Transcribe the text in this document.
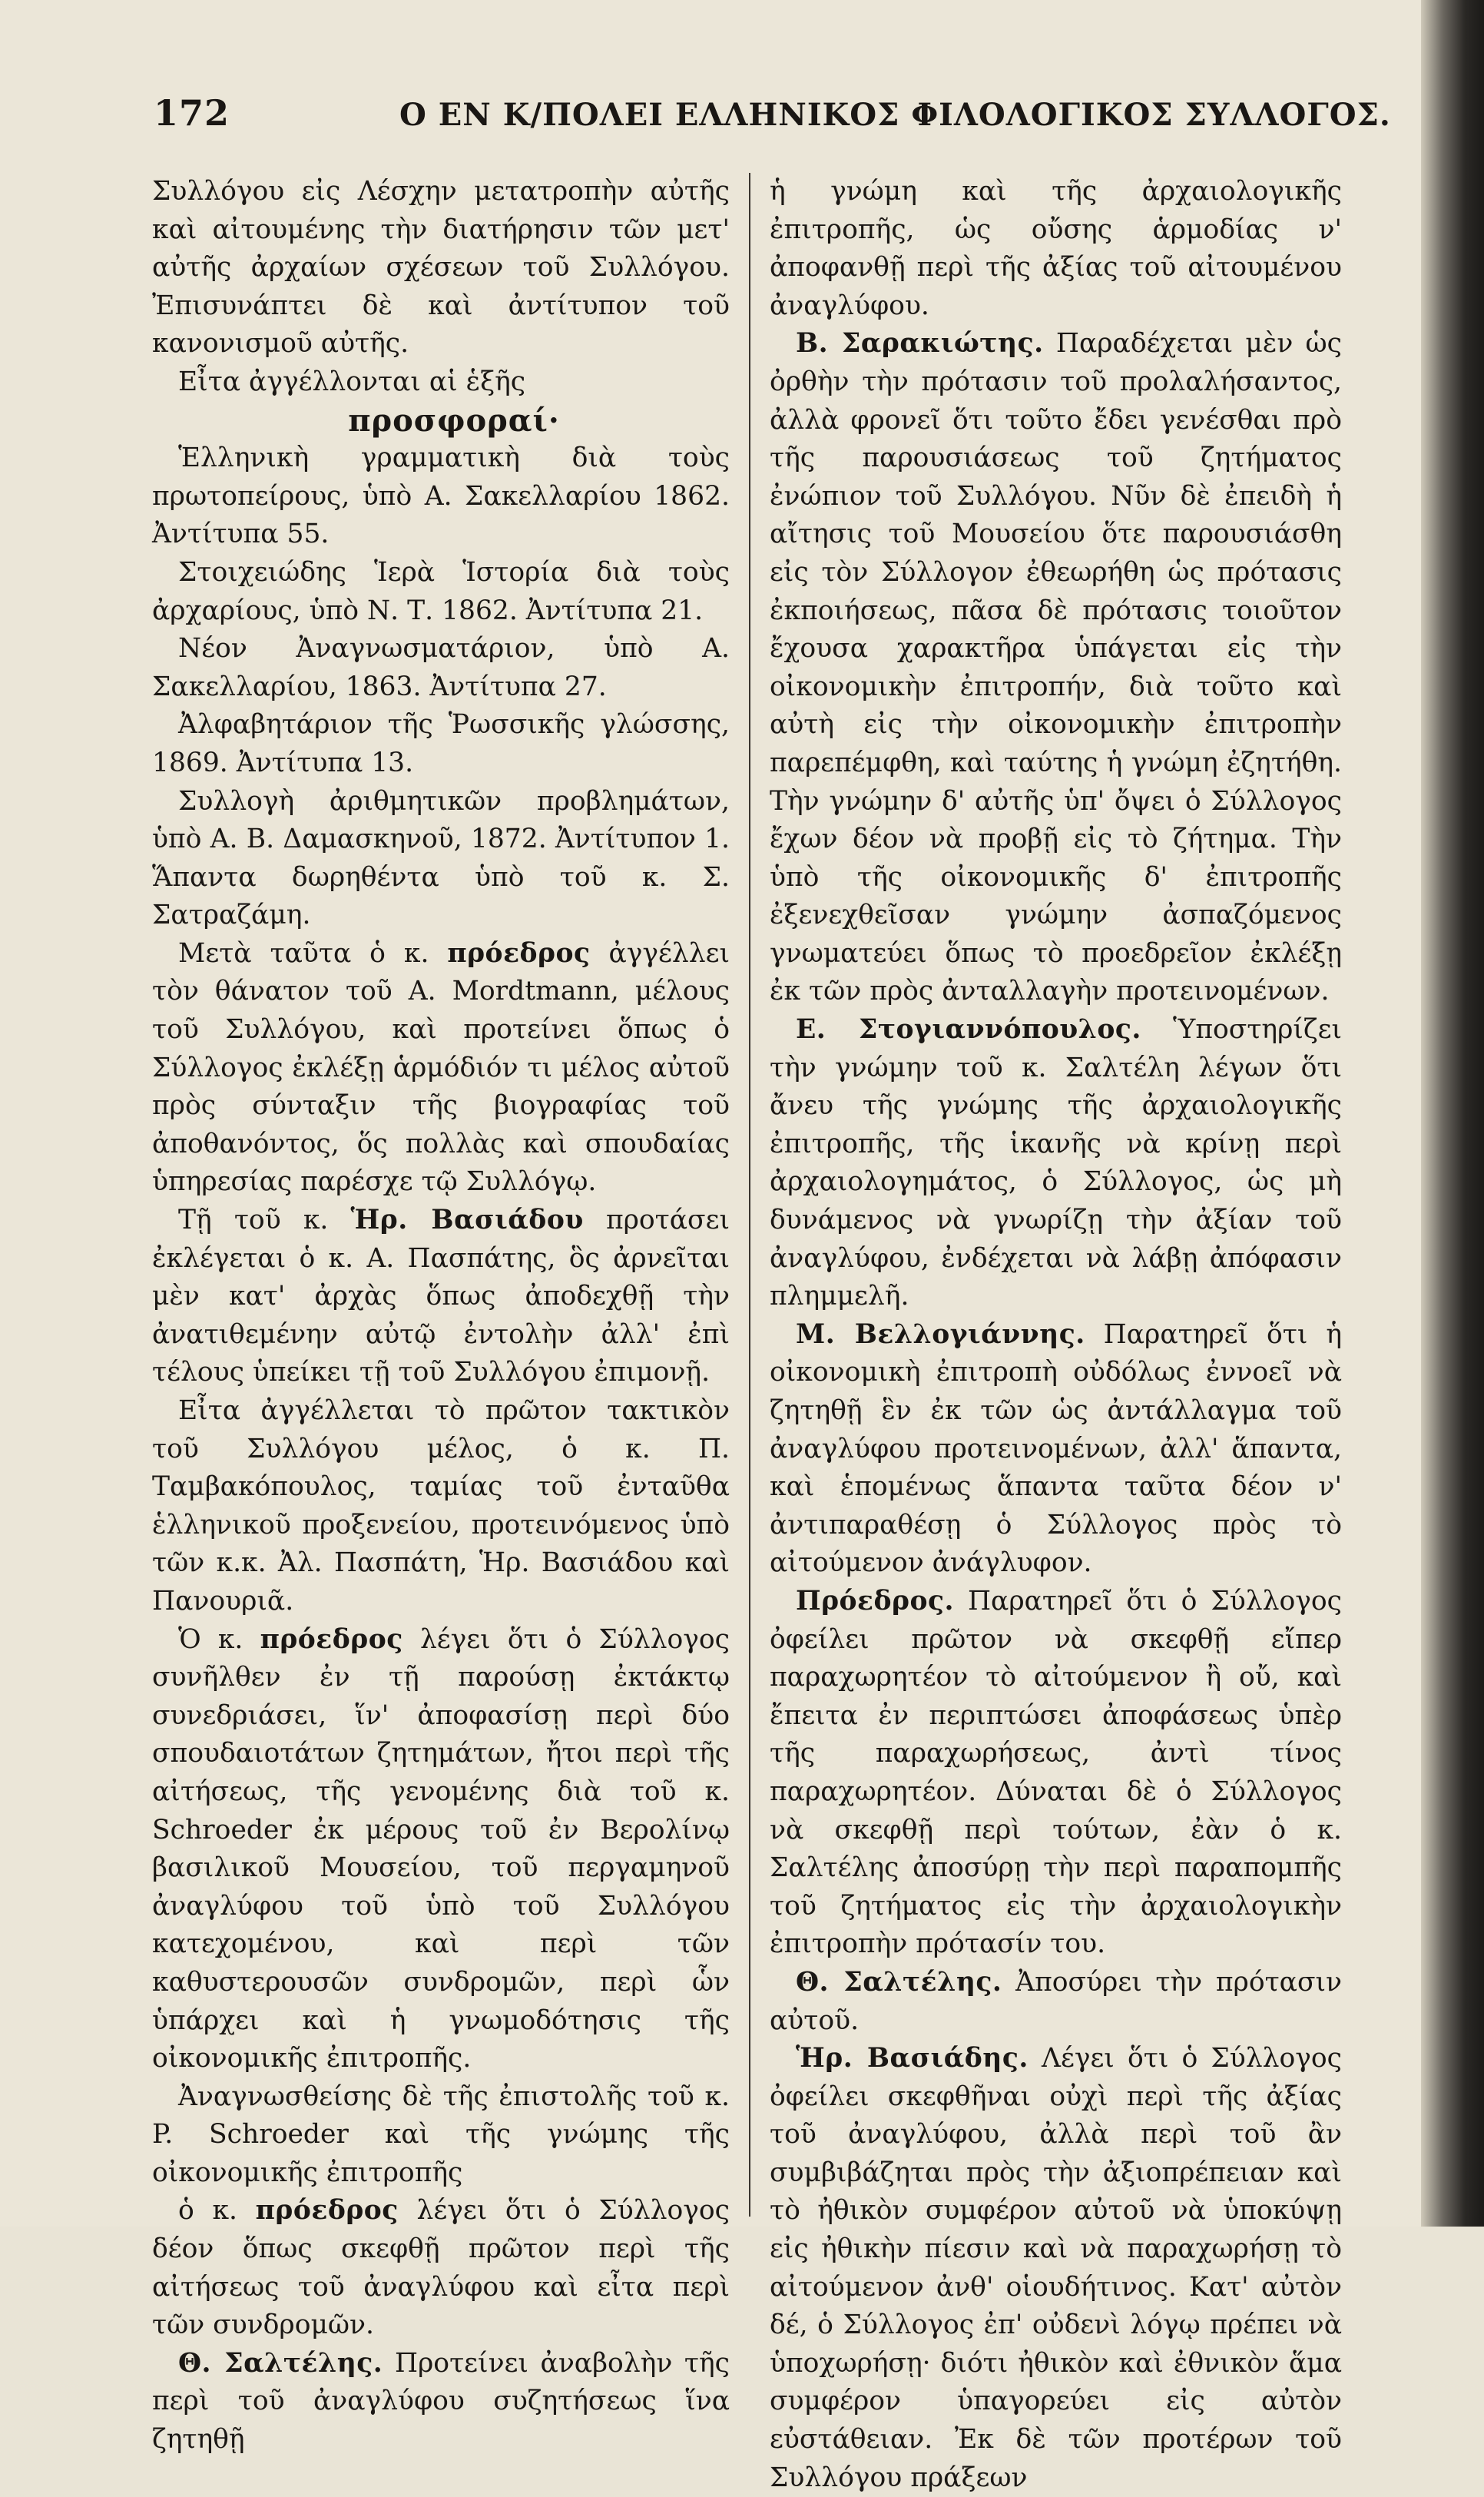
172	Ο ΕΝ Κ/ΠΟΛΕΙ ΕΛΛΗΝΙΚΟΣ ΦΙΛΟΛΟΓΙΚΟΣ ΣΥΛΛΟΓΟΣ.

Συλλόγου εἰς Λέσχην μετατροπὴν αὐτῆς καὶ αἰτουμένης τὴν διατήρησιν τῶν μετ' αὐτῆς ἀρχαίων σχέσεων τοῦ Συλλόγου. Ἐπισυνάπτει δὲ καὶ ἀντίτυπον τοῦ κανονισμοῦ αὐτῆς.

Εἶτα ἀγγέλλονται αἱ ἑξῆς

προσφοραί·

Ἑλληνικὴ γραμματικὴ διὰ τοὺς πρωτοπείρους, ὑπὸ Α. Σακελλαρίου 1862. Ἀντίτυπα 55.

Στοιχειώδης Ἱερὰ Ἱστορία διὰ τοὺς ἀρχαρίους, ὑπὸ Ν. Τ. 1862. Ἀντίτυπα 21.

Νέον Ἀναγνωσματάριον, ὑπὸ Α. Σακελλαρίου, 1863. Ἀντίτυπα 27.

Ἀλφαβητάριον τῆς Ῥωσσικῆς γλώσσης, 1869. Ἀντίτυπα 13.

Συλλογὴ ἀριθμητικῶν προβλημάτων, ὑπὸ Α. Β. Δαμασκηνοῦ, 1872. Ἀντίτυπον 1. Ἅπαντα δωρηθέντα ὑπὸ τοῦ κ. Σ. Σατραζάμη.

Μετὰ ταῦτα ὁ κ. πρόεδρος ἀγγέλλει τὸν θάνατον τοῦ Α. Mordtmann, μέλους τοῦ Συλλόγου, καὶ προτείνει ὅπως ὁ Σύλλογος ἐκλέξῃ ἁρμόδιόν τι μέλος αὐτοῦ πρὸς σύνταξιν τῆς βιογραφίας τοῦ ἀποθανόντος, ὅς πολλὰς καὶ σπουδαίας ὑπηρεσίας παρέσχε τῷ Συλλόγῳ.

Τῇ τοῦ κ. Ἡρ. Βασιάδου προτάσει ἐκλέγεται ὁ κ. Α. Πασπάτης, ὃς ἀρνεῖται μὲν κατ' ἀρχὰς ὅπως ἀποδεχθῇ τὴν ἀνατιθεμένην αὐτῷ ἐντολὴν ἀλλ' ἐπὶ τέλους ὑπείκει τῇ τοῦ Συλλόγου ἐπιμονῇ.

Εἶτα ἀγγέλλεται τὸ πρῶτον τακτικὸν τοῦ Συλλόγου μέλος, ὁ κ. Π. Ταμβακόπουλος, ταμίας τοῦ ἐνταῦθα ἑλληνικοῦ προξενείου, προτεινόμενος ὑπὸ τῶν κ.κ. Ἀλ. Πασπάτη, Ἡρ. Βασιάδου καὶ Πανουριᾶ.

Ὁ κ. πρόεδρος λέγει ὅτι ὁ Σύλλογος συνῆλθεν ἐν τῇ παρούσῃ ἐκτάκτῳ συνεδριάσει, ἵν' ἀποφασίσῃ περὶ δύο σπουδαιοτάτων ζητημάτων, ἤτοι περὶ τῆς αἰτήσεως, τῆς γενομένης διὰ τοῦ κ. Schroeder ἐκ μέρους τοῦ ἐν Βερολίνῳ βασιλικοῦ Μουσείου, τοῦ περγαμηνοῦ ἀναγλύφου τοῦ ὑπὸ τοῦ Συλλόγου κατεχομένου, καὶ περὶ τῶν καθυστερουσῶν συνδρομῶν, περὶ ὧν ὑπάρχει καὶ ἡ γνωμοδότησις τῆς οἰκονομικῆς ἐπιτροπῆς.

Ἀναγνωσθείσης δὲ τῆς ἐπιστολῆς τοῦ κ. P. Schroeder καὶ τῆς γνώμης τῆς οἰκονομικῆς ἐπιτροπῆς

ὁ κ. πρόεδρος λέγει ὅτι ὁ Σύλλογος δέον ὅπως σκεφθῇ πρῶτον περὶ τῆς αἰτήσεως τοῦ ἀναγλύφου καὶ εἶτα περὶ τῶν συνδρομῶν.

Θ. Σαλτέλης. Προτείνει ἀναβολὴν τῆς περὶ τοῦ ἀναγλύφου συζητήσεως ἵνα ζητηθῇ

ἡ γνώμη καὶ τῆς ἀρχαιολογικῆς ἐπιτροπῆς, ὡς οὔσης ἁρμοδίας ν' ἀποφανθῇ περὶ τῆς ἀξίας τοῦ αἰτουμένου ἀναγλύφου.

Β. Σαρακιώτης. Παραδέχεται μὲν ὡς ὀρθὴν τὴν πρότασιν τοῦ προλαλήσαντος, ἀλλὰ φρονεῖ ὅτι τοῦτο ἔδει γενέσθαι πρὸ τῆς παρουσιάσεως τοῦ ζητήματος ἐνώπιον τοῦ Συλλόγου. Νῦν δὲ ἐπειδὴ ἡ αἴτησις τοῦ Μουσείου ὅτε παρουσιάσθη εἰς τὸν Σύλλογον ἐθεωρήθη ὡς πρότασις ἐκποιήσεως, πᾶσα δὲ πρότασις τοιοῦτον ἔχουσα χαρακτῆρα ὑπάγεται εἰς τὴν οἰκονομικὴν ἐπιτροπήν, διὰ τοῦτο καὶ αὐτὴ εἰς τὴν οἰκονομικὴν ἐπιτροπὴν παρεπέμφθη, καὶ ταύτης ἡ γνώμη ἐζητήθη. Τὴν γνώμην δ' αὐτῆς ὑπ' ὄψει ὁ Σύλλογος ἔχων δέον νὰ προβῇ εἰς τὸ ζήτημα. Τὴν ὑπὸ τῆς οἰκονομικῆς δ' ἐπιτροπῆς ἐξενεχθεῖσαν γνώμην ἀσπαζόμενος γνωματεύει ὅπως τὸ προεδρεῖον ἐκλέξῃ ἐκ τῶν πρὸς ἀνταλλαγὴν προτεινομένων.

Ε. Στογιαννόπουλος. Ὑποστηρίζει τὴν γνώμην τοῦ κ. Σαλτέλη λέγων ὅτι ἄνευ τῆς γνώμης τῆς ἀρχαιολογικῆς ἐπιτροπῆς, τῆς ἱκανῆς νὰ κρίνῃ περὶ ἀρχαιολογημάτος, ὁ Σύλλογος, ὡς μὴ δυνάμενος νὰ γνωρίζῃ τὴν ἀξίαν τοῦ ἀναγλύφου, ἐνδέχεται νὰ λάβῃ ἀπόφασιν πλημμελῆ.

Μ. Βελλογιάννης. Παρατηρεῖ ὅτι ἡ οἰκονομικὴ ἐπιτροπὴ οὐδόλως ἐννοεῖ νὰ ζητηθῇ ἓν ἐκ τῶν ὡς ἀντάλλαγμα τοῦ ἀναγλύφου προτεινομένων, ἀλλ' ἅπαντα, καὶ ἑπομένως ἅπαντα ταῦτα δέον ν' ἀντιπαραθέσῃ ὁ Σύλλογος πρὸς τὸ αἰτούμενον ἀνάγλυφον.

Πρόεδρος. Παρατηρεῖ ὅτι ὁ Σύλλογος ὀφείλει πρῶτον νὰ σκεφθῇ εἴπερ παραχωρητέον τὸ αἰτούμενον ἢ οὔ, καὶ ἔπειτα ἐν περιπτώσει ἀποφάσεως ὑπὲρ τῆς παραχωρήσεως, ἀντὶ τίνος παραχωρητέον. Δύναται δὲ ὁ Σύλλογος νὰ σκεφθῇ περὶ τούτων, ἐὰν ὁ κ. Σαλτέλης ἀποσύρῃ τὴν περὶ παραπομπῆς τοῦ ζητήματος εἰς τὴν ἀρχαιολογικὴν ἐπιτροπὴν πρότασίν του.

Θ. Σαλτέλης. Ἀποσύρει τὴν πρότασιν αὐτοῦ.

Ἡρ. Βασιάδης. Λέγει ὅτι ὁ Σύλλογος ὀφείλει σκεφθῆναι οὐχὶ περὶ τῆς ἀξίας τοῦ ἀναγλύφου, ἀλλὰ περὶ τοῦ ἂν συμβιβάζηται πρὸς τὴν ἀξιοπρέπειαν καὶ τὸ ἠθικὸν συμφέρον αὐτοῦ νὰ ὑποκύψῃ εἰς ἠθικὴν πίεσιν καὶ νὰ παραχωρήσῃ τὸ αἰτούμενον ἀνθ' οἱουδήτινος. Κατ' αὐτὸν δέ, ὁ Σύλλογος ἐπ' οὐδενὶ λόγῳ πρέπει νὰ ὑποχωρήσῃ· διότι ἠθικὸν καὶ ἐθνικὸν ἅμα συμφέρον ὑπαγορεύει εἰς αὐτὸν εὐστάθειαν. Ἐκ δὲ τῶν προτέρων τοῦ Συλλόγου πράξεων
